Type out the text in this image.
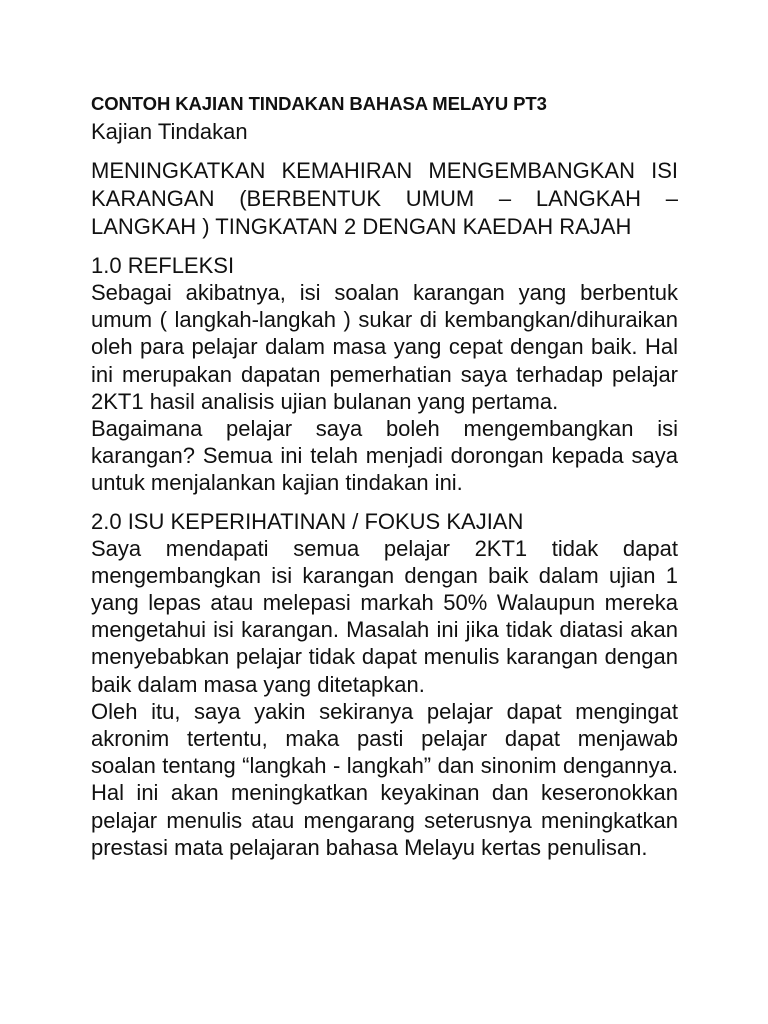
CONTOH KAJIAN TINDAKAN BAHASA MELAYU PT3
Kajian Tindakan
MENINGKATKAN KEMAHIRAN MENGEMBANGKAN ISI KARANGAN (BERBENTUK UMUM – LANGKAH – LANGKAH ) TINGKATAN 2 DENGAN KAEDAH RAJAH
1.0 REFLEKSI

Sebagai akibatnya, isi soalan karangan yang berbentuk umum ( langkah-langkah ) sukar di kembangkan/dihuraikan oleh para pelajar dalam masa yang cepat dengan baik. Hal ini merupakan dapatan pemerhatian saya terhadap pelajar 2KT1 hasil analisis ujian bulanan yang pertama.

Bagaimana pelajar saya boleh mengembangkan isi karangan? Semua ini telah menjadi dorongan kepada saya untuk menjalankan kajian tindakan ini.

2.0 ISU KEPERIHATINAN / FOKUS KAJIAN

Saya mendapati semua pelajar 2KT1 tidak dapat mengembangkan isi karangan dengan baik dalam ujian 1 yang lepas atau melepasi markah 50% Walaupun mereka mengetahui isi karangan. Masalah ini jika tidak diatasi akan menyebabkan pelajar tidak dapat menulis karangan dengan baik dalam masa yang ditetapkan.

Oleh itu, saya yakin sekiranya pelajar dapat mengingat akronim tertentu, maka pasti pelajar dapat menjawab soalan tentang “langkah - langkah” dan sinonim dengannya. Hal ini akan meningkatkan keyakinan dan keseronokkan pelajar menulis atau mengarang seterusnya meningkatkan prestasi mata pelajaran bahasa Melayu kertas penulisan.
